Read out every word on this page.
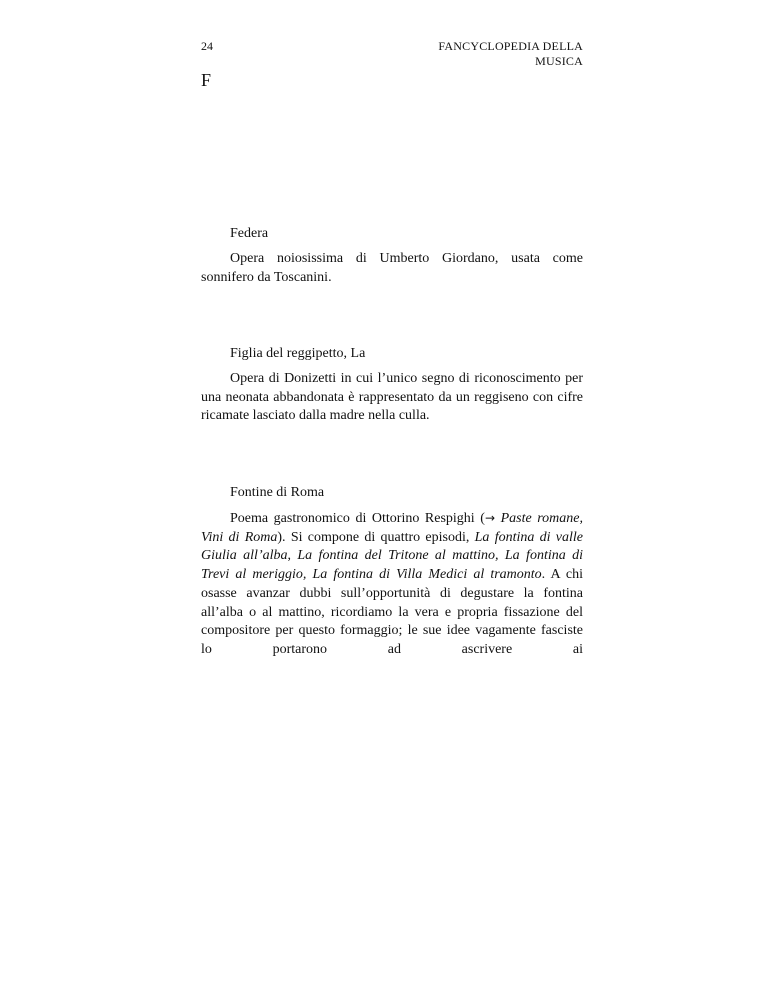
24	FANCYCLOPEDIA DELLA MUSICA
F
Federa

Opera noiosissima di Umberto Giordano, usata come sonnifero da Toscanini.

Figlia del reggipetto, La

Opera di Donizetti in cui l’unico segno di riconoscimento per una neonata abbandonata è rappresentato da un reggiseno con cifre ricamate lasciato dalla madre nella culla.

Fontine di Roma

Poema gastronomico di Ottorino Respighi (→ Paste romane, Vini di Roma). Si compone di quattro episodi, La fontina di valle Giulia all’alba, La fontina del Tritone al mattino, La fontina di Trevi al meriggio, La fontina di Villa Medici al tramonto. A chi osasse avanzar dubbi sull’opportunità di degustare la fontina all’alba o al mattino, ricordiamo la vera e propria fissazione del compositore per questo formaggio; le sue idee vagamente fasciste lo portarono ad ascrivere ai
